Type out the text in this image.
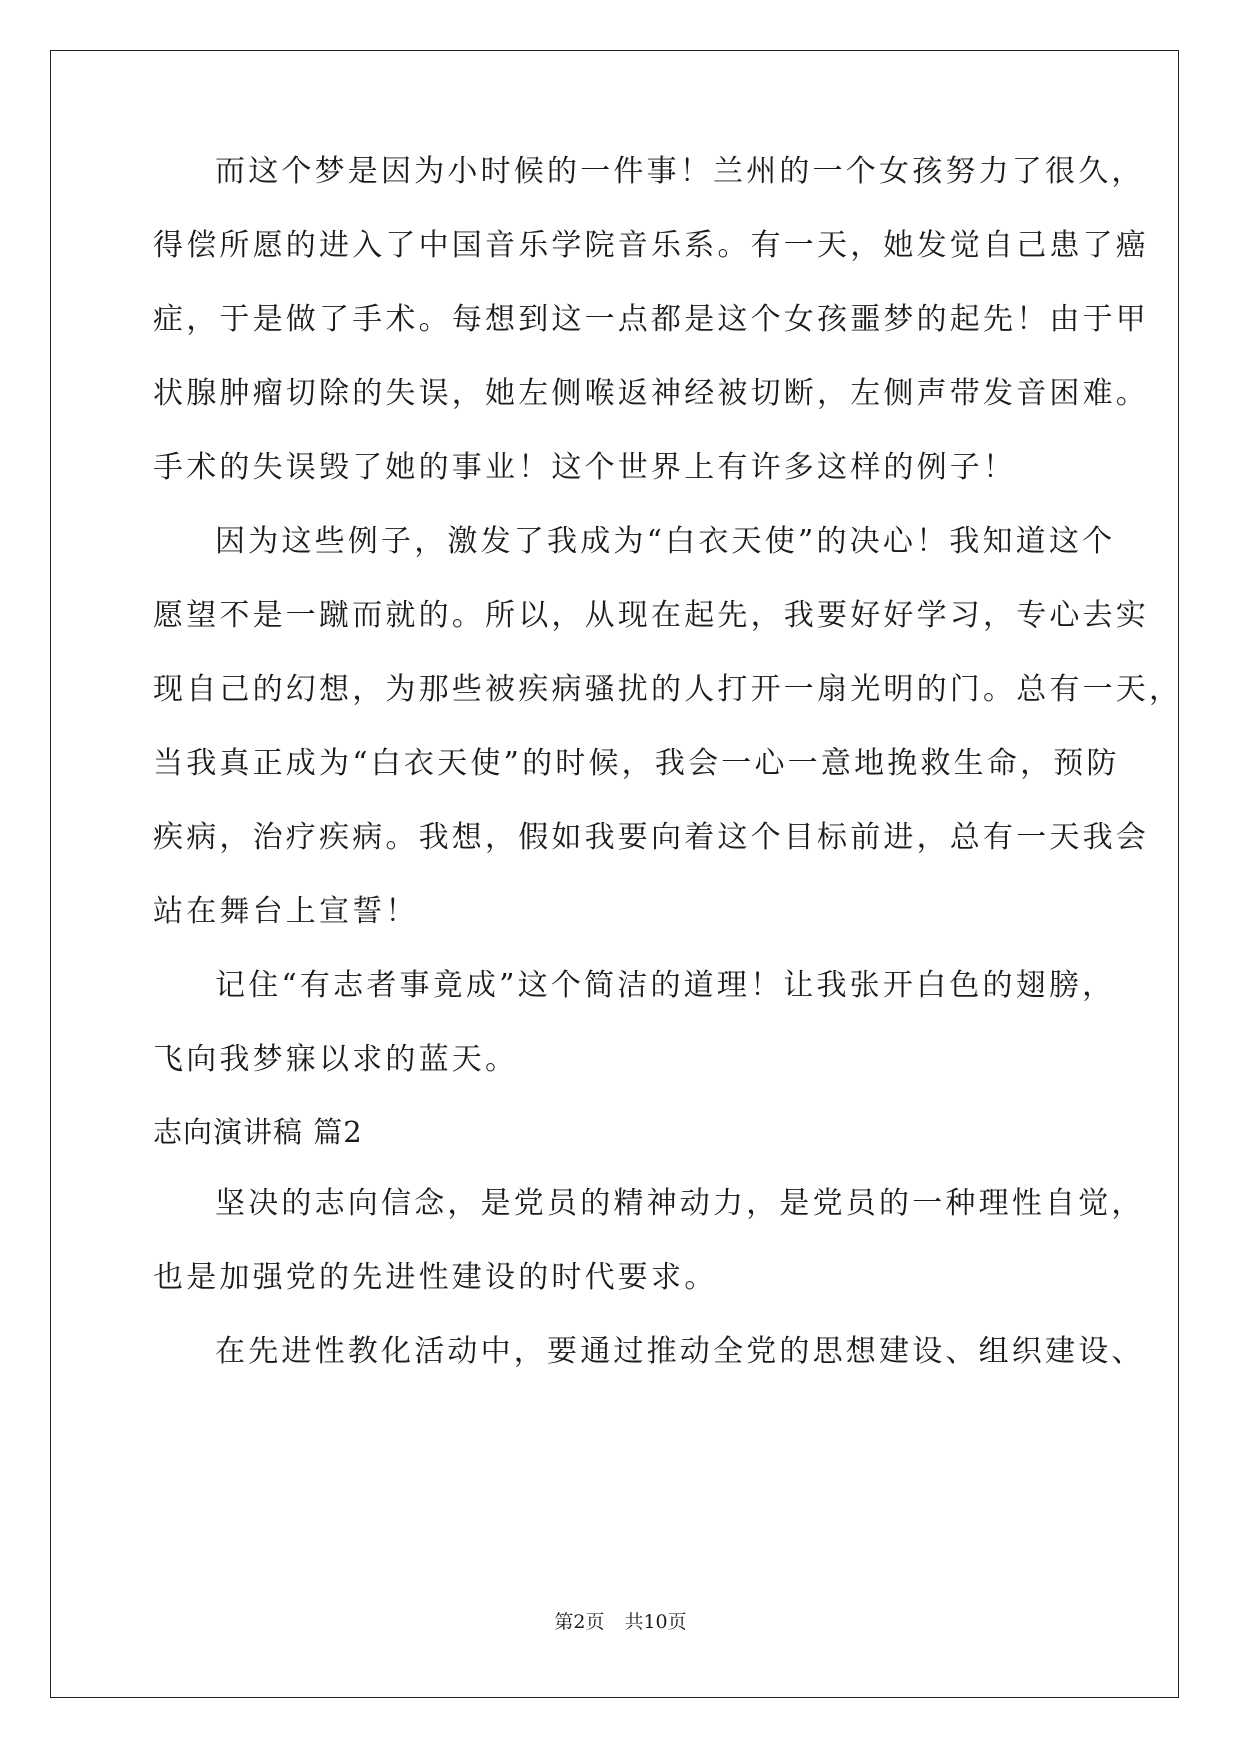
而这个梦是因为小时候的一件事！兰州的一个女孩努力了很久，
得偿所愿的进入了中国音乐学院音乐系。有一天，她发觉自己患了癌
症，于是做了手术。每想到这一点都是这个女孩噩梦的起先！由于甲
状腺肿瘤切除的失误，她左侧喉返神经被切断，左侧声带发音困难。
手术的失误毁了她的事业！这个世界上有许多这样的例子！
因为这些例子，激发了我成为“白衣天使”的决心！我知道这个
愿望不是一蹴而就的。所以，从现在起先，我要好好学习，专心去实
现自己的幻想，为那些被疾病骚扰的人打开一扇光明的门。总有一天，
当我真正成为“白衣天使”的时候，我会一心一意地挽救生命，预防
疾病，治疗疾病。我想，假如我要向着这个目标前进，总有一天我会
站在舞台上宣誓！
记住“有志者事竟成”这个简洁的道理！让我张开白色的翅膀，
飞向我梦寐以求的蓝天。
志向演讲稿 篇2
坚决的志向信念，是党员的精神动力，是党员的一种理性自觉，
也是加强党的先进性建设的时代要求。
在先进性教化活动中，要通过推动全党的思想建设、组织建设、
第2页 共10页
